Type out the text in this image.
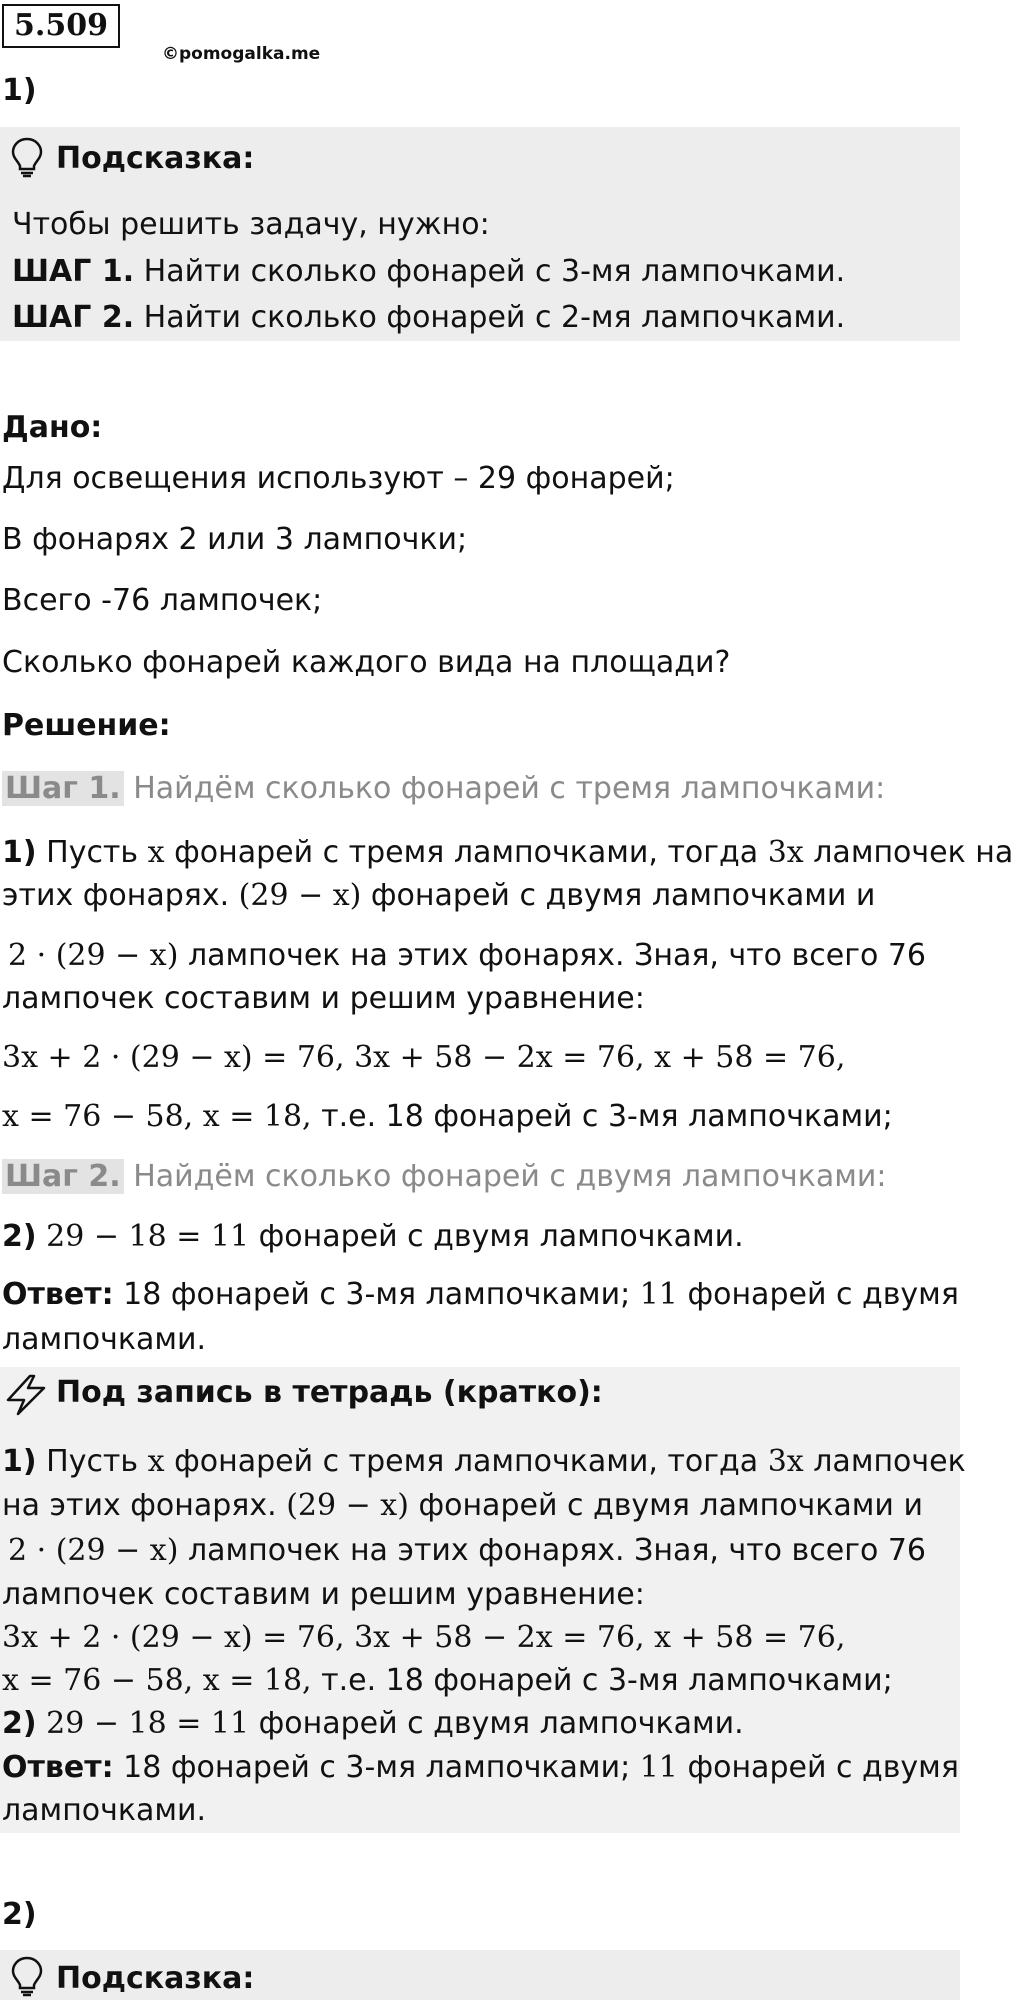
5.509
©pomogalka.me
1)
Подсказка:
Чтобы решить задачу, нужно:
ШАГ 1. Найти сколько фонарей с 3-мя лампочками.
ШАГ 2. Найти сколько фонарей с 2-мя лампочками.
Дано:
Для освещения используют – 29 фонарей;
В фонарях 2 или 3 лампочки;
Всего -76 лампочек;
Сколько фонарей каждого вида на площади?
Решение:
Шаг 1. Найдём сколько фонарей с тремя лампочками:
1) Пусть x фонарей с тремя лампочками, тогда 3x лампочек на
этих фонарях. (29 − x) фонарей с двумя лампочками и
2 · (29 − x) лампочек на этих фонарях. Зная, что всего 76
лампочек составим и решим уравнение:
3x + 2 · (29 − x) = 76, 3x + 58 − 2x = 76, x + 58 = 76,
x = 76 − 58, x = 18, т.е. 18 фонарей с 3-мя лампочками;
Шаг 2. Найдём сколько фонарей с двумя лампочками:
2) 29 − 18 = 11 фонарей с двумя лампочками.
Ответ: 18 фонарей с 3-мя лампочками; 11 фонарей с двумя
лампочками.
Под запись в тетрадь (кратко):
1) Пусть x фонарей с тремя лампочками, тогда 3x лампочек
на этих фонарях. (29 − x) фонарей с двумя лампочками и
2 · (29 − x) лампочек на этих фонарях. Зная, что всего 76
лампочек составим и решим уравнение:
3x + 2 · (29 − x) = 76, 3x + 58 − 2x = 76, x + 58 = 76,
x = 76 − 58, x = 18, т.е. 18 фонарей с 3-мя лампочками;
2) 29 − 18 = 11 фонарей с двумя лампочками.
Ответ: 18 фонарей с 3-мя лампочками; 11 фонарей с двумя
лампочками.
2)
Подсказка:
